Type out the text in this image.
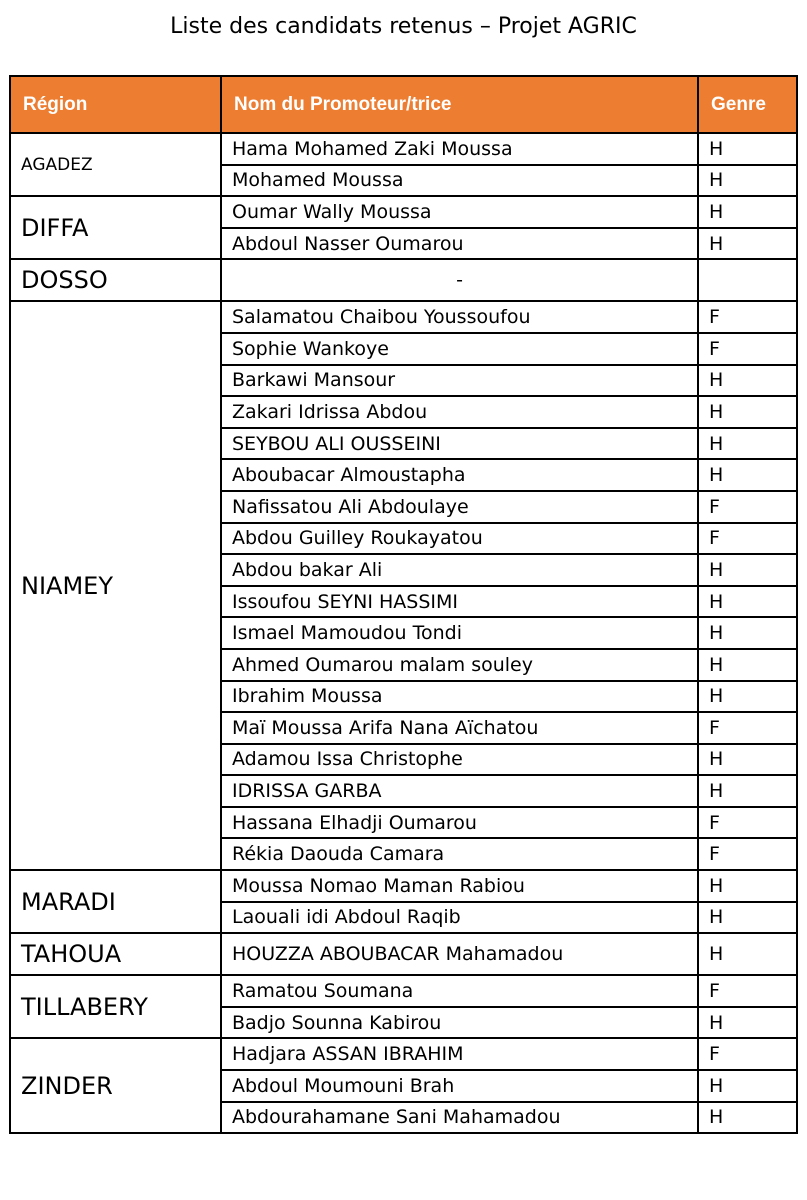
Liste des candidats retenus – Projet AGRIC
Région	Nom du Promoteur/trice	Genre
AGADEZ	Hama Mohamed Zaki Moussa	H
	Mohamed Moussa	H
DIFFA	Oumar Wally Moussa	H
	Abdoul Nasser Oumarou	H
DOSSO	-	
NIAMEY	Salamatou Chaibou Youssoufou	F
	Sophie Wankoye	F
	Barkawi Mansour	H
	Zakari Idrissa Abdou	H
	SEYBOU ALI OUSSEINI	H
	Aboubacar Almoustapha	H
	Nafissatou Ali Abdoulaye	F
	Abdou Guilley Roukayatou	F
	Abdou bakar Ali	H
	Issoufou SEYNI HASSIMI	H
	Ismael Mamoudou Tondi	H
	Ahmed Oumarou malam souley	H
	Ibrahim Moussa	H
	Maï Moussa Arifa Nana Aïchatou	F
	Adamou Issa Christophe	H
	IDRISSA GARBA	H
	Hassana Elhadji Oumarou	F
	Rékia Daouda Camara	F
MARADI	Moussa Nomao Maman Rabiou	H
	Laouali idi Abdoul Raqib	H
TAHOUA	HOUZZA ABOUBACAR Mahamadou	H
TILLABERY	Ramatou Soumana	F
	Badjo Sounna Kabirou	H
ZINDER	Hadjara ASSAN IBRAHIM	F
	Abdoul Moumouni Brah	H
	Abdourahamane Sani Mahamadou	H
